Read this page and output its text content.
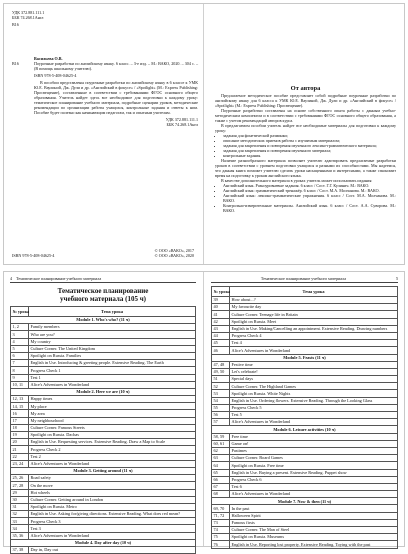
УДК 372.881.111.1
ББК 74.268.1Англ
В16
Васильева О.В.
В16	Поурочные разработки по английскому языку. 6 класс. – 3-е изд. – М.: ВАКО, 2020. – 304 с. – (В помощь школьному учителю).
ISBN 978-5-408-04625-4
В пособии представлены поурочные разработки по английскому языку в 6 классе к УМК Ю.Е. Ваулиной, Дж. Дули и др. «Английский в фокусе» / «Spotlight» (М.: Express Publishing: Просвещение), составленные в соответствии с требованиями ФГОС основного общего образования. Учитель найдет здесь все необходимое для подготовки к каждому уроку: тематическое планирование учебного материала, подробные сценарии уроков, методические рекомендации по организации работы учащихся, контрольные задания и ответы к ним. Пособие будет полезно как начинающим педагогам, так и опытным учителям.
УДК 372.881.111.1
ББК 74.268.1Англ
ISBN 978-5-408-04625-4
© ООО «ВАКО», 2017
© ООО «ВАКО», 2020

От автора

Предлагаемое методическое пособие представляет собой подробные поурочные разработки по английскому языку для 6 класса к УМК Ю.Е. Ваулиной, Дж. Дули и др. «Английский в фокусе» / «Spotlight» (М.: Express Publishing: Просвещение).

Поурочные разработки составлены на основе собственного опыта работы с данным учебно-методическим комплектом и в соответствии с требованиями ФГОС основного общего образования, а также с учетом рекомендаций авторов курса.

В предлагаемом пособии учитель найдет все необходимые материалы для подготовки к каждому уроку:

• задания для фонетической разминки;
• описание методических приемов работы с изучаемым материалом;
• задания для закрепления и повторения изученного лексико-грамматического материала;
• задания для закрепления и повторения изученного материала;
• контрольные задания.

Наличие разнообразного материала позволяет учителю адаптировать предлагаемые разработки уроков в соответствии с уровнем подготовки учащихся и разными их способностями. Мы надеемся, что данная книга поможет учителю сделать уроки насыщенными и интересными, а также сэкономит время на подготовку к урокам английского языка.

В качестве дополнительного материала в уроках учитель может использовать издания:

• Английский язык. Разноуровневые задания. 6 класс / Сост. Г.Г. Кулинич. М.: ВАКО.
• Английский язык: грамматический тренажёр. 6 класс / Сост. М.А. Молчанова. М.: ВАКО.
• Английский язык: лексико-грамматические упражнения. 6 класс / Сост. М.А. Молчанова. М.: ВАКО.
• Контрольно-измерительные материалы. Английский язык. 6 класс / Сост. А.А. Суворова. М.: ВАКО.
4 Тематическое планирование учебного материала
Тематическое планирование
учебного материала (105 ч)
№ урока	Тема урока
Module 1. Who's who? (11 ч)	
1, 2	Family members
3	Who are you?
4	My country
5	Culture Corner. The United Kingdom
6	Spotlight on Russia. Families
7	English in Use. Introducing & greeting people. Extensive Reading. The Earth
8	Progress Check 1
9	Test 1
10, 11	Alice's Adventures in Wonderland
Module 2. Here we are (10 ч)	
12, 13	Happy times
14, 15	My place
16	My area
17	My neighbourhood
18	Culture Corner. Famous Streets
19	Spotlight on Russia. Dachas
20	English in Use. Requesting services. Extensive Reading. Draw a Map to Scale
21	Progress Check 2
22	Test 2
23, 24	Alice's Adventures in Wonderland
Module 3. Getting around (11 ч)	
25, 26	Road safety
27, 28	On the move
29	Hot wheels
30	Culture Corner. Getting around in London
31	Spotlight on Russia. Metro
32	English in Use. Asking for/giving directions. Extensive Reading. What does red mean?
33	Progress Check 3
34	Test 3
35, 36	Alice's Adventures in Wonderland
Module 4. Day after day (10 ч)	
37, 38	Day in, Day out
Тематическое планирование учебного материала	5
№ урока	Тема урока
39	How about...?
40	My favourite day
41	Culture Corner. Teenage life in Britain
42	Spotlight on Russia. Meet
43	English in Use. Making/Cancelling an appointment. Extensive Reading. Drawing numbers
44	Progress Check 4
45	Test 4
46	Alice's Adventures in Wonderland
Module 5. Feasts (11 ч)	
47, 48	Festive time
49, 50	Let's celebrate!
51	Special days
52	Culture Corner. The Highland Games
53	Spotlight on Russia. White Nights
54	English in Use. Ordering flowers. Extensive Reading. Through the Looking Glass
55	Progress Check 5
56	Test 5
57	Alice's Adventures in Wonderland
Module 6. Leisure activities (10 ч)	
58, 59	Free time
60, 61	Game on!
62	Pastimes
63	Culture Corner. Board Games
64	Spotlight on Russia. Free time
65	English in Use. Buying a present. Extensive Reading. Puppet show
66	Progress Check 6
67	Test 6
68	Alice's Adventures in Wonderland
Module 7. Now & then (11 ч)	
69, 70	In the past
71, 72	Halloween Spirit
73	Famous firsts
74	Culture Corner. The Man of Steel
75	Spotlight on Russia. Museums
76	English in Use. Reporting lost property. Extensive Reading. Toying with the past
